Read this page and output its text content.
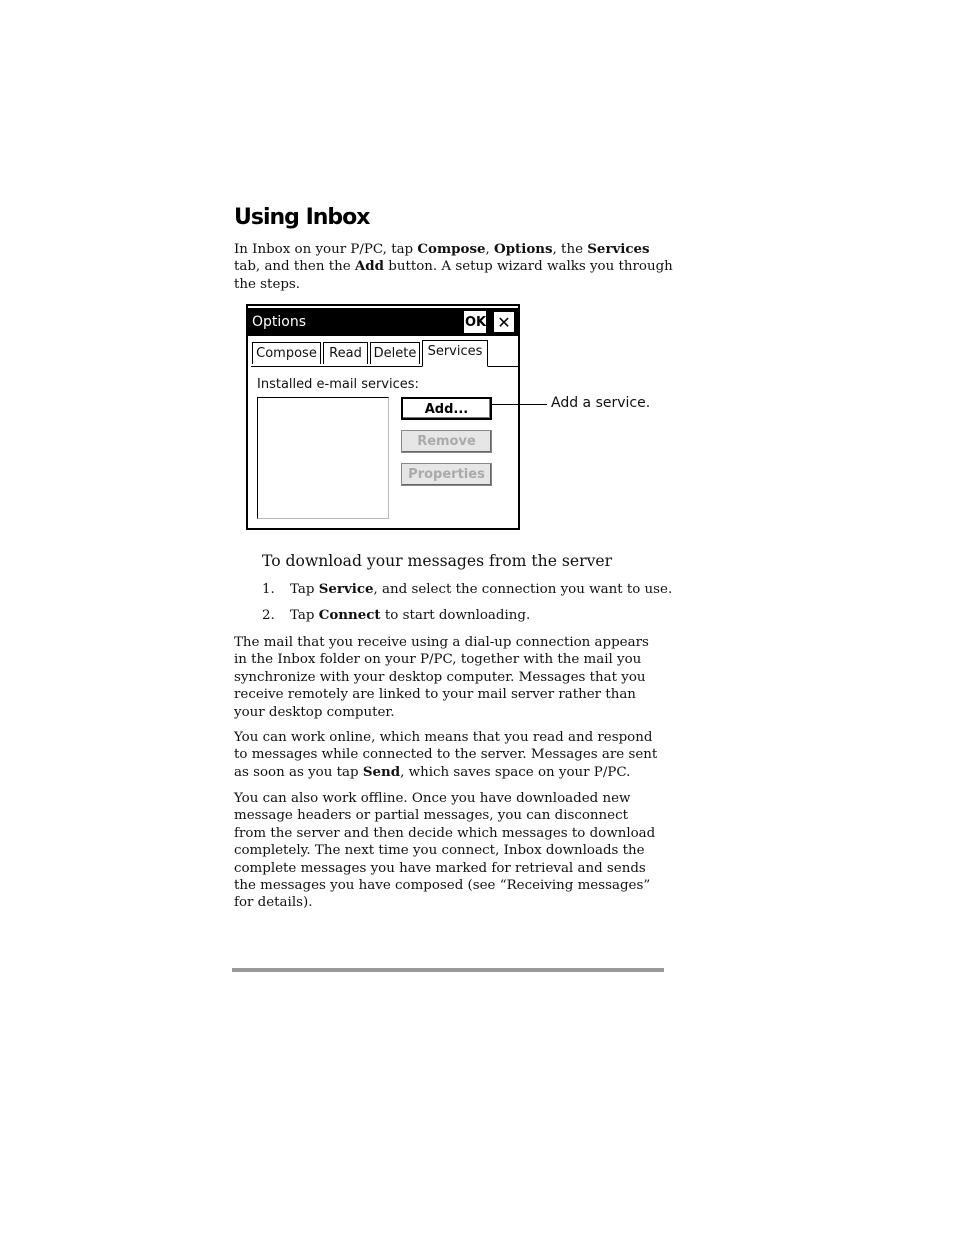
Using Inbox
In Inbox on your P/PC, tap Compose, Options, the Services tab, and then the Add button. A setup wizard walks you through the steps.
Options	OK ✕
Compose Read Delete Services
Installed e-mail services:
Add...
Remove
Properties
Add a service.
To download your messages from the server
1. Tap Service, and select the connection you want to use.
2. Tap Connect to start downloading.
The mail that you receive using a dial-up connection appears in the Inbox folder on your P/PC, together with the mail you synchronize with your desktop computer. Messages that you receive remotely are linked to your mail server rather than your desktop computer.
You can work online, which means that you read and respond to messages while connected to the server. Messages are sent as soon as you tap Send, which saves space on your P/PC.
You can also work offline. Once you have downloaded new message headers or partial messages, you can disconnect from the server and then decide which messages to download completely. The next time you connect, Inbox downloads the complete messages you have marked for retrieval and sends the messages you have composed (see “Receiving messages” for details).
